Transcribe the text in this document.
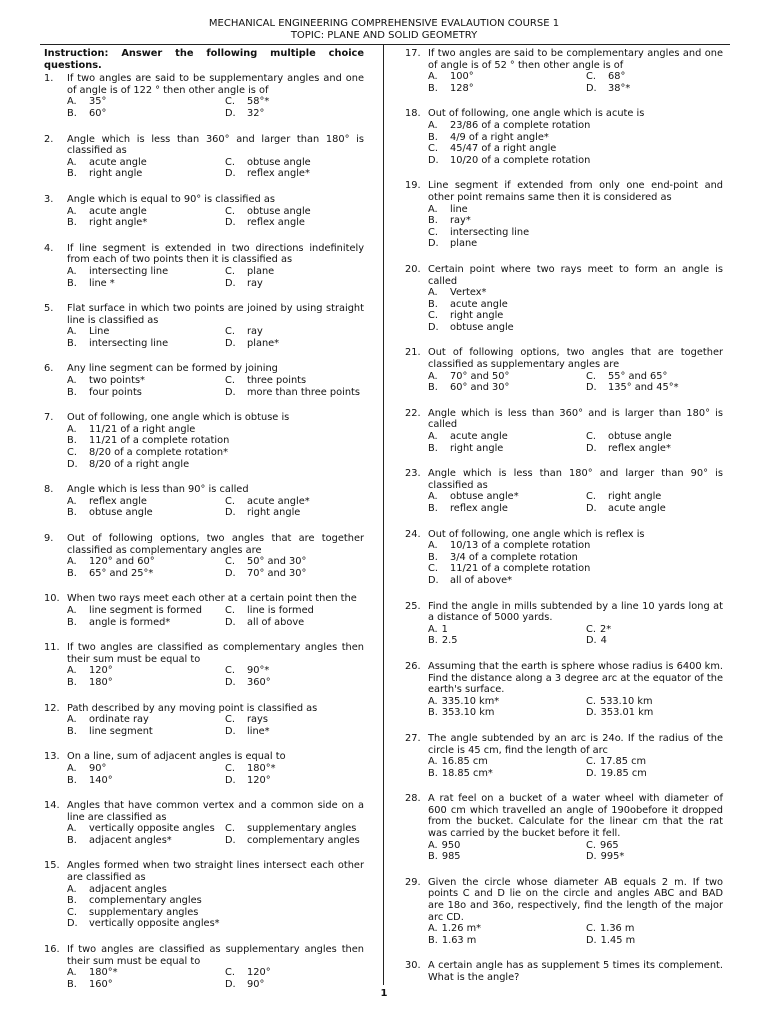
MECHANICAL ENGINEERING COMPREHENSIVE EVALAUTION COURSE 1
TOPIC: PLANE AND SOLID GEOMETRY
Instruction: Answer the following multiple choice questions.
1.	If two angles are said to be supplementary angles and one of angle is of 122 ° then other angle is of
A.	35°	C.	58°*
B.	60°	D.	32°
2.	Angle which is less than 360° and larger than 180° is classified as
A.	acute angle	C.	obtuse angle
B.	right angle	D.	reflex angle*
3.	Angle which is equal to 90° is classified as
A.	acute angle	C.	obtuse angle
B.	right angle*	D.	reflex angle
4.	If line segment is extended in two directions indefinitely from each of two points then it is classified as
A.	intersecting line	C.	plane
B.	line *	D.	ray
5.	Flat surface in which two points are joined by using straight line is classified as
A.	Line	C.	ray
B.	intersecting line	D.	plane*
6.	Any line segment can be formed by joining
A.	two points*	C.	three points
B.	four points	D.	more than three points
7.	Out of following, one angle which is obtuse is
A.	11/21 of a right angle
B.	11/21 of a complete rotation
C.	8/20 of a complete rotation*
D.	8/20 of a right angle
8.	Angle which is less than 90° is called
A.	reflex angle	C.	acute angle*
B.	obtuse angle	D.	right angle
9.	Out of following options, two angles that are together classified as complementary angles are
A.	120° and 60°	C.	50° and 30°
B.	65° and 25°*	D.	70° and 30°
10. When two rays meet each other at a certain point then the
A.	line segment is formed C.	line is formed
B.	angle is formed*	D.	all of above
11. If two angles are classified as complementary angles then their sum must be equal to
A.	120°	C.	90°*
B.	180°	D.	360°
12. Path described by any moving point is classified as
A.	ordinate ray	C.	rays
B.	line segment	D.	line*
13. On a line, sum of adjacent angles is equal to
A.	90°	C.	180°*
B.	140°	D.	120°
14. Angles that have common vertex and a common side on a line are classified as
A.	vertically opposite angles C.	supplementary angles
B.	adjacent angles*	D.	complementary angles
15. Angles formed when two straight lines intersect each other are classified as
A.	adjacent angles
B.	complementary angles
C.	supplementary angles
D.	vertically opposite angles*
16. If two angles are classified as supplementary angles then their sum must be equal to
A.	180°*	C.	120°
B.	160°	D.	90°
17. If two angles are said to be complementary angles and one of angle is of 52 ° then other angle is of
A.	100°	C.	68°
B.	128°	D.	38°*
18. Out of following, one angle which is acute is
A.	23/86 of a complete rotation
B.	4/9 of a right angle*
C.	45/47 of a right angle
D.	10/20 of a complete rotation
19. Line segment if extended from only one end-point and other point remains same then it is considered as
A.	line
B.	ray*
C.	intersecting line
D.	plane
20. Certain point where two rays meet to form an angle is called
A.	Vertex*
B.	acute angle
C.	right angle
D.	obtuse angle
21. Out of following options, two angles that are together classified as supplementary angles are
A.	70° and 50°	C.	55° and 65°
B.	60° and 30°	D.	135° and 45°*
22. Angle which is less than 360° and is larger than 180° is called
A.	acute angle	C.	obtuse angle
B.	right angle	D.	reflex angle*
23. Angle which is less than 180° and larger than 90° is classified as
A.	obtuse angle*	C.	right angle
B.	reflex angle	D.	acute angle
24. Out of following, one angle which is reflex is
A.	10/13 of a complete rotation
B.	3/4 of a complete rotation
C.	11/21 of a complete rotation
D.	all of above*
25. Find the angle in mills subtended by a line 10 yards long at a distance of 5000 yards.
A. 1	C. 2*
B. 2.5	D. 4
26. Assuming that the earth is sphere whose radius is 6400 km. Find the distance along a 3 degree arc at the equator of the earth's surface.
A. 335.10 km*	C. 533.10 km
B. 353.10 km	D. 353.01 km
27. The angle subtended by an arc is 24o. If the radius of the circle is 45 cm, find the length of arc
A. 16.85 cm	C. 17.85 cm
B. 18.85 cm*	D. 19.85 cm
28. A rat feel on a bucket of a water wheel with diameter of 600 cm which travelled an angle of 190obefore it dropped from the bucket. Calculate for the linear cm that the rat was carried by the bucket before it fell.
A. 950	C. 965
B. 985	D. 995*
29. Given the circle whose diameter AB equals 2 m. If two points C and D lie on the circle and angles ABC and BAD are 18o and 36o, respectively, find the length of the major arc CD.
A. 1.26 m*	C. 1.36 m
B. 1.63 m	D. 1.45 m
30. A certain angle has as supplement 5 times its complement. What is the angle?
1
